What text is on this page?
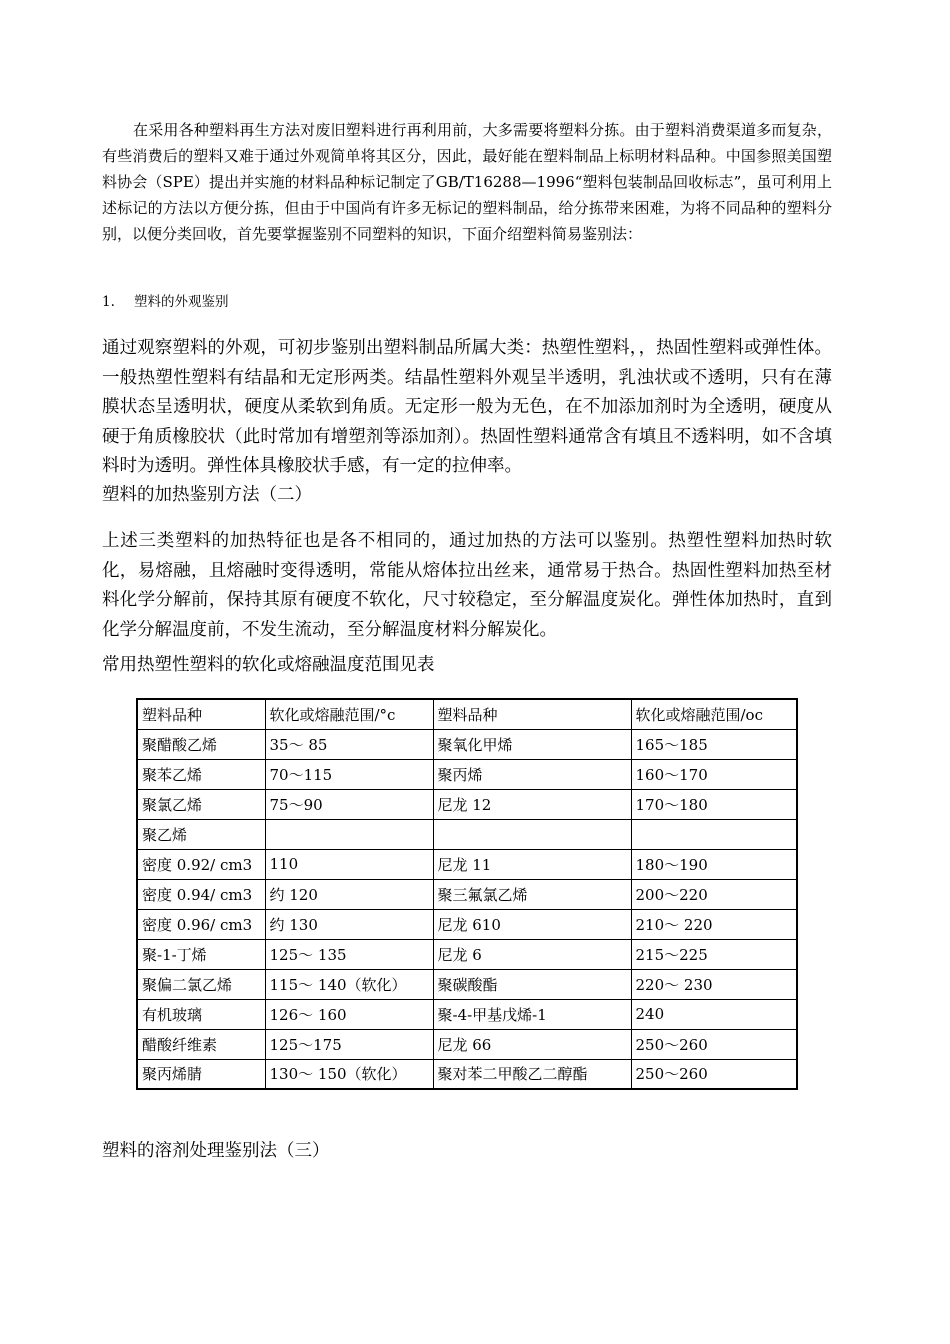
在采用各种塑料再生方法对废旧塑料进行再利用前，大多需要将塑料分拣。由于塑料消费渠道多而复杂，有些消费后的塑料又难于通过外观简单将其区分，因此，最好能在塑料制品上标明材料品种。中国参照美国塑料协会（SPE）提出并实施的材料品种标记制定了GB/T16288—1996“塑料包装制品回收标志”，虽可利用上述标记的方法以方便分拣，但由于中国尚有许多无标记的塑料制品，给分拣带来困难，为将不同品种的塑料分别，以便分类回收，首先要掌握鉴别不同塑料的知识，下面介绍塑料简易鉴别法：

1. 塑料的外观鉴别

通过观察塑料的外观，可初步鉴别出塑料制品所属大类：热塑性塑料，，热固性塑料或弹性体。一般热塑性塑料有结晶和无定形两类。结晶性塑料外观呈半透明，乳浊状或不透明，只有在薄膜状态呈透明状，硬度从柔软到角质。无定形一般为无色，在不加添加剂时为全透明，硬度从硬于角质橡胶状（此时常加有增塑剂等添加剂）。热固性塑料通常含有填且不透料明，如不含填料时为透明。弹性体具橡胶状手感，有一定的拉伸率。

塑料的加热鉴别方法（二）

上述三类塑料的加热特征也是各不相同的，通过加热的方法可以鉴别。热塑性塑料加热时软化，易熔融，且熔融时变得透明，常能从熔体拉出丝来，通常易于热合。热固性塑料加热至材料化学分解前，保持其原有硬度不软化，尺寸较稳定，至分解温度炭化。弹性体加热时，直到化学分解温度前，不发生流动，至分解温度材料分解炭化。

常用热塑性塑料的软化或熔融温度范围见表

塑料品种	软化或熔融范围/°c	塑料品种	软化或熔融范围/oc
聚醋酸乙烯	35～ 85	聚氧化甲烯	165～185
聚苯乙烯	70～115	聚丙烯	160～170
聚氯乙烯	75～90	尼龙 12	170～180
聚乙烯			
密度 0.92/ cm3	110	尼龙 11	180～190
密度 0.94/ cm3	约 120	聚三氟氯乙烯	200～220
密度 0.96/ cm3	约 130	尼龙 610	210～ 220
聚-1-丁烯	125～ 135	尼龙 6	215～225
聚偏二氯乙烯	115～ 140（软化）	聚碳酸酯	220～ 230
有机玻璃	126～ 160	聚-4-甲基戊烯-1	240
醋酸纤维素	125～175	尼龙 66	250～260
聚丙烯腈	130～ 150（软化）	聚对苯二甲酸乙二醇酯	250～260

塑料的溶剂处理鉴别法（三）
